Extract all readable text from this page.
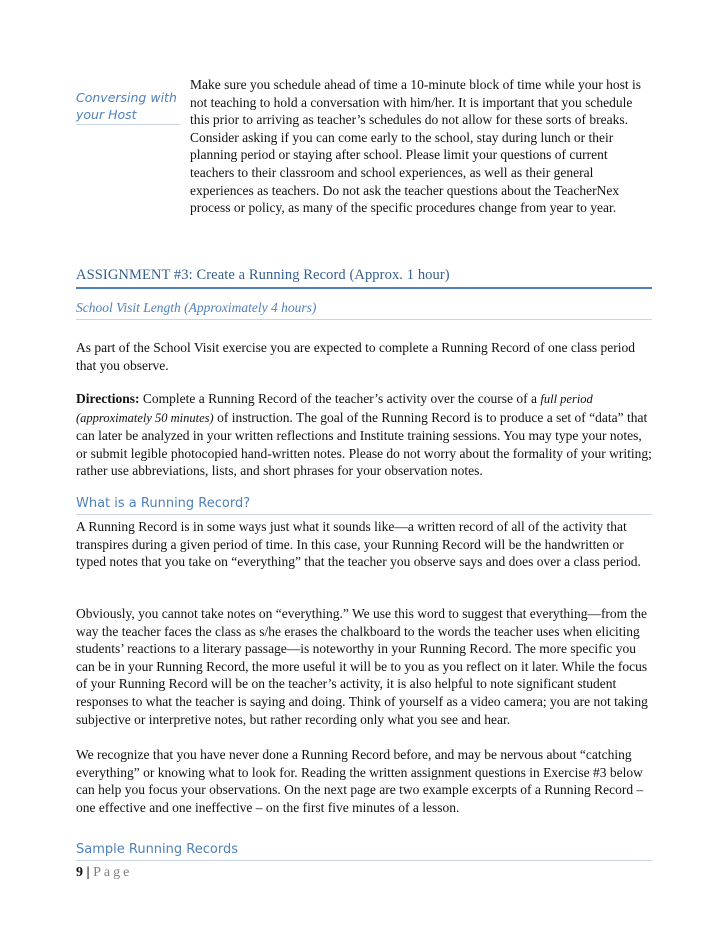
Conversing with your Host
Make sure you schedule ahead of time a 10-minute block of time while your host is not teaching to hold a conversation with him/her. It is important that you schedule this prior to arriving as teacher’s schedules do not allow for these sorts of breaks. Consider asking if you can come early to the school, stay during lunch or their planning period or staying after school. Please limit your questions of current teachers to their classroom and school experiences, as well as their general experiences as teachers. Do not ask the teacher questions about the TeacherNex process or policy, as many of the specific procedures change from year to year.
ASSIGNMENT #3: Create a Running Record (Approx. 1 hour)
School Visit Length (Approximately 4 hours)
As part of the School Visit exercise you are expected to complete a Running Record of one class period that you observe.
Directions: Complete a Running Record of the teacher’s activity over the course of a full period (approximately 50 minutes) of instruction. The goal of the Running Record is to produce a set of “data” that can later be analyzed in your written reflections and Institute training sessions. You may type your notes, or submit legible photocopied hand-written notes. Please do not worry about the formality of your writing; rather use abbreviations, lists, and short phrases for your observation notes.
What is a Running Record?
A Running Record is in some ways just what it sounds like—a written record of all of the activity that transpires during a given period of time. In this case, your Running Record will be the handwritten or typed notes that you take on “everything” that the teacher you observe says and does over a class period.
Obviously, you cannot take notes on “everything.” We use this word to suggest that everything—from the way the teacher faces the class as s/he erases the chalkboard to the words the teacher uses when eliciting students’ reactions to a literary passage—is noteworthy in your Running Record. The more specific you can be in your Running Record, the more useful it will be to you as you reflect on it later. While the focus of your Running Record will be on the teacher’s activity, it is also helpful to note significant student responses to what the teacher is saying and doing. Think of yourself as a video camera; you are not taking subjective or interpretive notes, but rather recording only what you see and hear.
We recognize that you have never done a Running Record before, and may be nervous about “catching everything” or knowing what to look for. Reading the written assignment questions in Exercise #3 below can help you focus your observations. On the next page are two example excerpts of a Running Record – one effective and one ineffective – on the first five minutes of a lesson.
Sample Running Records
9 | Page
